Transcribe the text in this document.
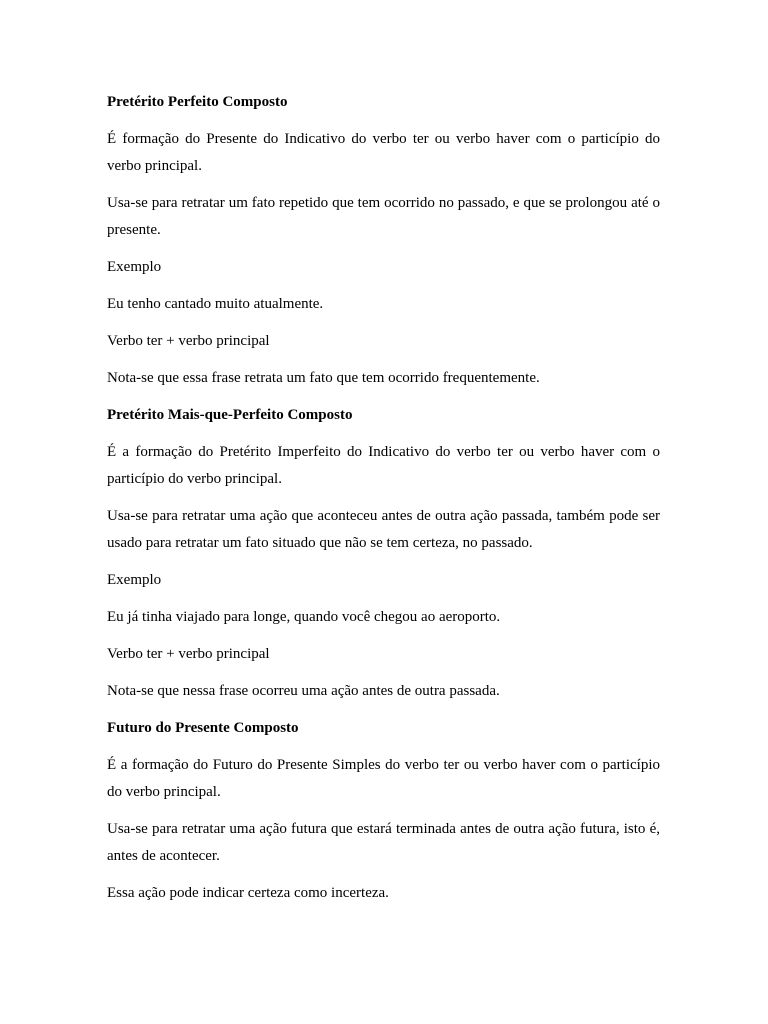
Pretérito Perfeito Composto
É formação do Presente do Indicativo do verbo ter ou verbo haver com o particípio do verbo principal.
Usa-se para retratar um fato repetido que tem ocorrido no passado, e que se prolongou até o presente.
Exemplo
Eu tenho cantado muito atualmente.
Verbo ter + verbo principal
Nota-se que essa frase retrata um fato que tem ocorrido frequentemente.
Pretérito Mais-que-Perfeito Composto
É a formação do Pretérito Imperfeito do Indicativo do verbo ter ou verbo haver com o particípio do verbo principal.
Usa-se para retratar uma ação que aconteceu antes de outra ação passada, também pode ser usado para retratar um fato situado que não se tem certeza, no passado.
Exemplo
Eu já tinha viajado para longe, quando você chegou ao aeroporto.
Verbo ter + verbo principal
Nota-se que nessa frase ocorreu uma ação antes de outra passada.
Futuro do Presente Composto
É a formação do Futuro do Presente Simples do verbo ter ou verbo haver com o particípio do verbo principal.
Usa-se para retratar uma ação futura que estará terminada antes de outra ação futura, isto é, antes de acontecer.
Essa ação pode indicar certeza como incerteza.
